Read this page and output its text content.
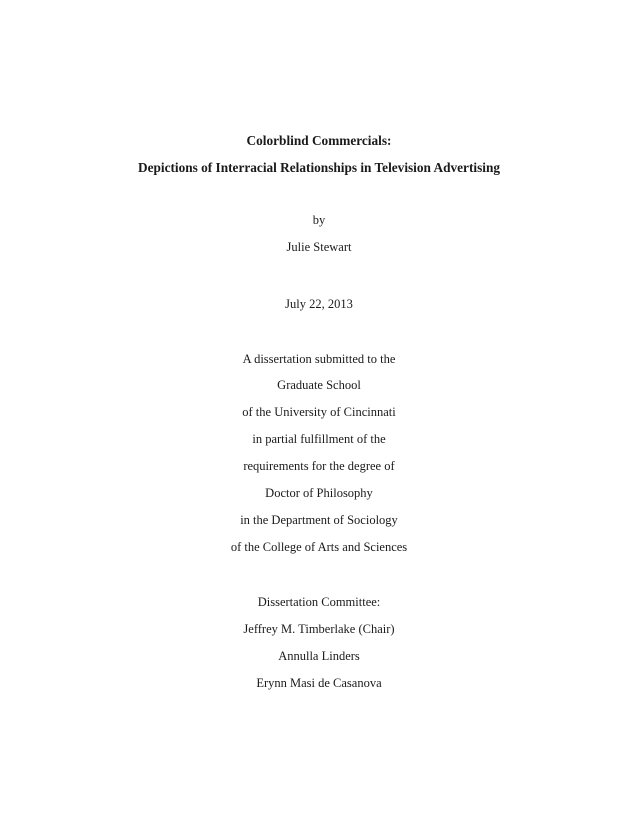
Colorblind Commercials:
Depictions of Interracial Relationships in Television Advertising
by
Julie Stewart
July 22, 2013
A dissertation submitted to the
Graduate School
of the University of Cincinnati
in partial fulfillment of the
requirements for the degree of
Doctor of Philosophy
in the Department of Sociology
of the College of Arts and Sciences
Dissertation Committee:
Jeffrey M. Timberlake (Chair)
Annulla Linders
Erynn Masi de Casanova
